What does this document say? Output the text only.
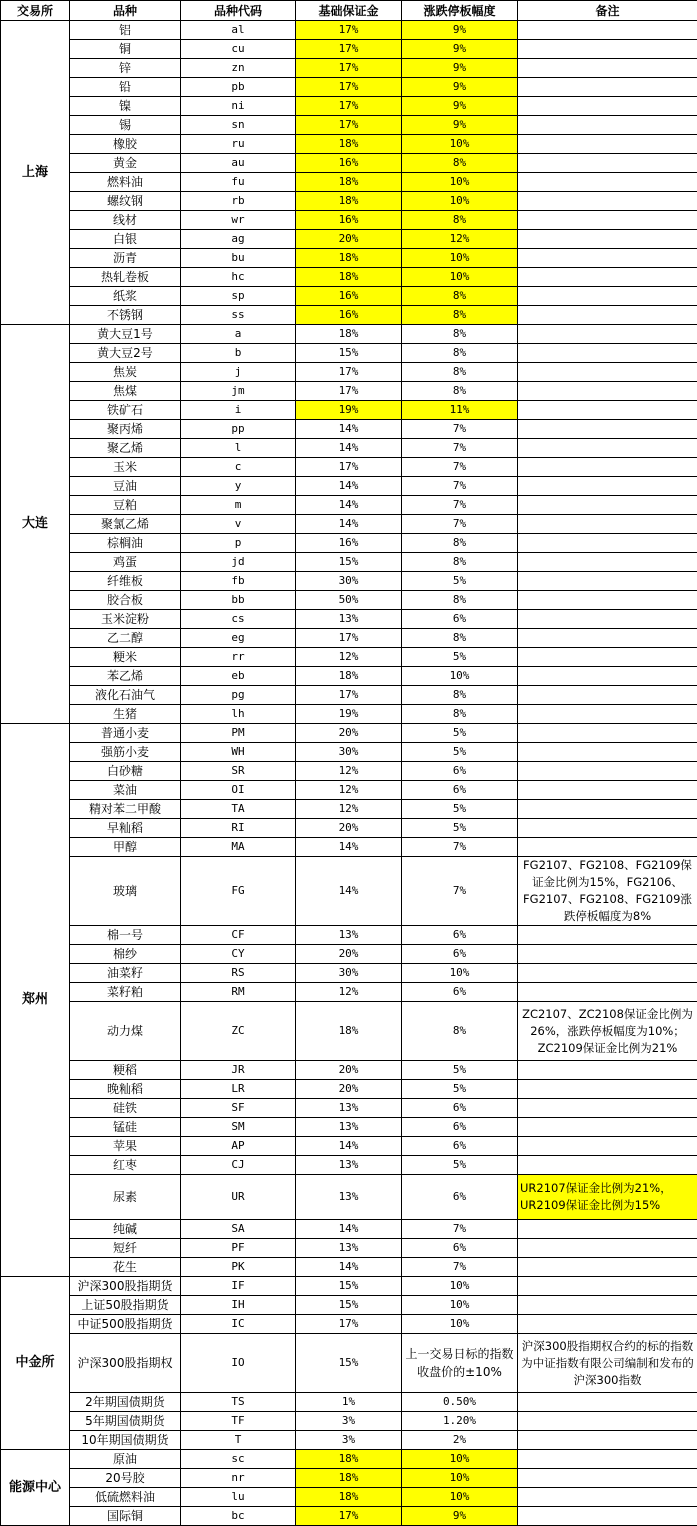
交易所	品种	品种代码	基础保证金	涨跌停板幅度	备注
上海	铝	al	17%	9%	
	铜	cu	17%	9%	
	锌	zn	17%	9%	
	铅	pb	17%	9%	
	镍	ni	17%	9%	
	锡	sn	17%	9%	
	橡胶	ru	18%	10%	
	黄金	au	16%	8%	
	燃料油	fu	18%	10%	
	螺纹钢	rb	18%	10%	
	线材	wr	16%	8%	
	白银	ag	20%	12%	
	沥青	bu	18%	10%	
	热轧卷板	hc	18%	10%	
	纸浆	sp	16%	8%	
	不锈钢	ss	16%	8%	
大连	黄大豆1号	a	18%	8%	
	黄大豆2号	b	15%	8%	
	焦炭	j	17%	8%	
	焦煤	jm	17%	8%	
	铁矿石	i	19%	11%	
	聚丙烯	pp	14%	7%	
	聚乙烯	l	14%	7%	
	玉米	c	17%	7%	
	豆油	y	14%	7%	
	豆粕	m	14%	7%	
	聚氯乙烯	v	14%	7%	
	棕榈油	p	16%	8%	
	鸡蛋	jd	15%	8%	
	纤维板	fb	30%	5%	
	胶合板	bb	50%	8%	
	玉米淀粉	cs	13%	6%	
	乙二醇	eg	17%	8%	
	粳米	rr	12%	5%	
	苯乙烯	eb	18%	10%	
	液化石油气	pg	17%	8%	
	生猪	lh	19%	8%	
郑州	普通小麦	PM	20%	5%	
	强筋小麦	WH	30%	5%	
	白砂糖	SR	12%	6%	
	菜油	OI	12%	6%	
	精对苯二甲酸	TA	12%	5%	
	早籼稻	RI	20%	5%	
	甲醇	MA	14%	7%	
	玻璃	FG	14%	7%	FG2107、FG2108、FG2109保证金比例为15%，FG2106、FG2107、FG2108、FG2109涨跌停板幅度为8%
	棉一号	CF	13%	6%	
	棉纱	CY	20%	6%	
	油菜籽	RS	30%	10%	
	菜籽粕	RM	12%	6%	
	动力煤	ZC	18%	8%	ZC2107、ZC2108保证金比例为26%，涨跌停板幅度为10%；ZC2109保证金比例为21%
	粳稻	JR	20%	5%	
	晚籼稻	LR	20%	5%	
	硅铁	SF	13%	6%	
	锰硅	SM	13%	6%	
	苹果	AP	14%	6%	
	红枣	CJ	13%	5%	
	尿素	UR	13%	6%	UR2107保证金比例为21%，UR2109保证金比例为15%
	纯碱	SA	14%	7%	
	短纤	PF	13%	6%	
	花生	PK	14%	7%	
中金所	沪深300股指期货	IF	15%	10%	
	上证50股指期货	IH	15%	10%	
	中证500股指期货	IC	17%	10%	
	沪深300股指期权	IO	15%	上一交易日标的指数收盘价的±10%	沪深300股指期权合约的标的指数为中证指数有限公司编制和发布的沪深300指数
	2年期国债期货	TS	1%	0.50%	
	5年期国债期货	TF	3%	1.20%	
	10年期国债期货	T	3%	2%	
能源中心	原油	sc	18%	10%	
	20号胶	nr	18%	10%	
	低硫燃料油	lu	18%	10%	
	国际铜	bc	17%	9%	
